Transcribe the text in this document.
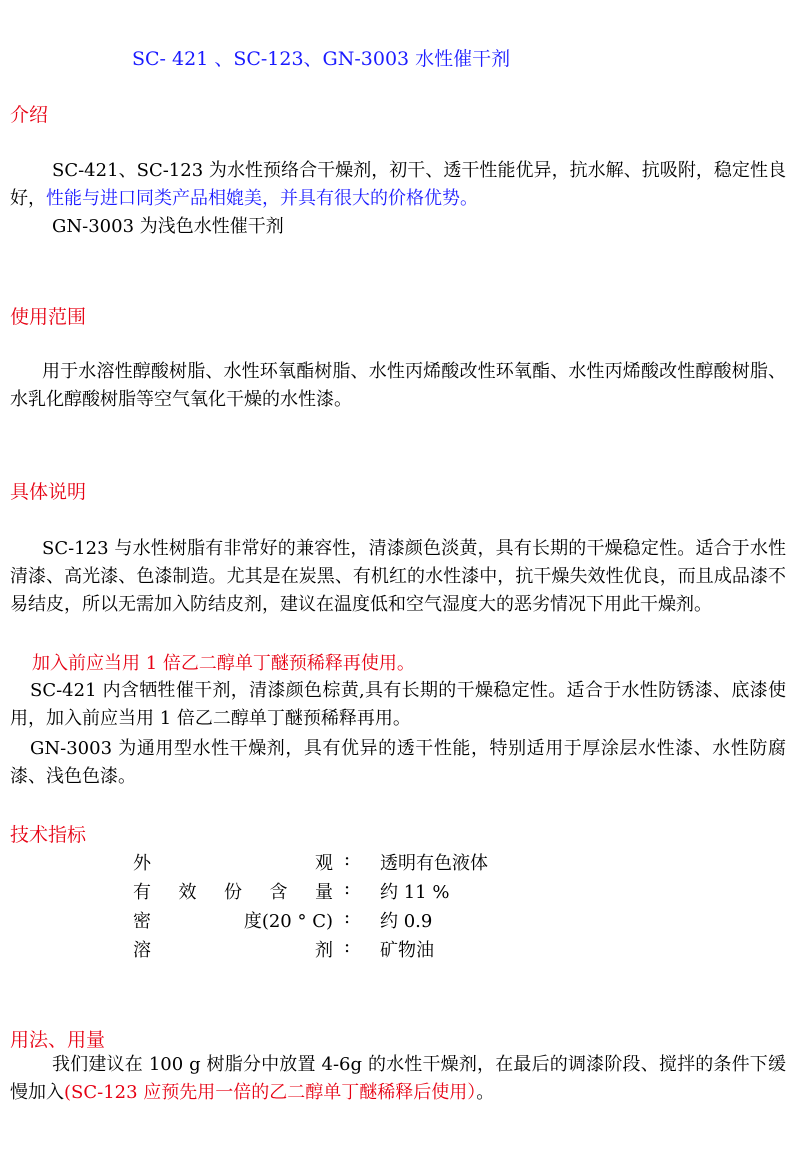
SC- 421 、SC-123、GN-3003 水性催干剂
介绍
SC-421、SC-123 为水性预络合干燥剂，初干、透干性能优异，抗水解、抗吸附，稳定性良好，性能与进口同类产品相媲美，并具有很大的价格优势。
GN-3003 为浅色水性催干剂
使用范围
用于水溶性醇酸树脂、水性环氧酯树脂、水性丙烯酸改性环氧酯、水性丙烯酸改性醇酸树脂、水乳化醇酸树脂等空气氧化干燥的水性漆。
具体说明
SC-123 与水性树脂有非常好的兼容性，清漆颜色淡黄，具有长期的干燥稳定性。适合于水性清漆、高光漆、色漆制造。尤其是在炭黑、有机红的水性漆中，抗干燥失效性优良，而且成品漆不易结皮，所以无需加入防结皮剂，建议在温度低和空气湿度大的恶劣情况下用此干燥剂。
加入前应当用 1 倍乙二醇单丁醚预稀释再使用。
SC-421 内含牺牲催干剂，清漆颜色棕黄,具有长期的干燥稳定性。适合于水性防锈漆、底漆使用，加入前应当用 1 倍乙二醇单丁醚预稀释再用。
GN-3003 为通用型水性干燥剂，具有优异的透干性能，特别适用于厚涂层水性漆、水性防腐漆、浅色色漆。
技术指标
外	观 : 透明有色液体
有 效 份 含 量 : 约 11 %
密	度(20 ° C) : 约 0.9
溶	剂 : 矿物油
用法、用量
我们建议在 100 g 树脂分中放置 4-6g 的水性干燥剂，在最后的调漆阶段、搅拌的条件下缓慢加入(SC-123 应预先用一倍的乙二醇单丁醚稀释后使用）。
